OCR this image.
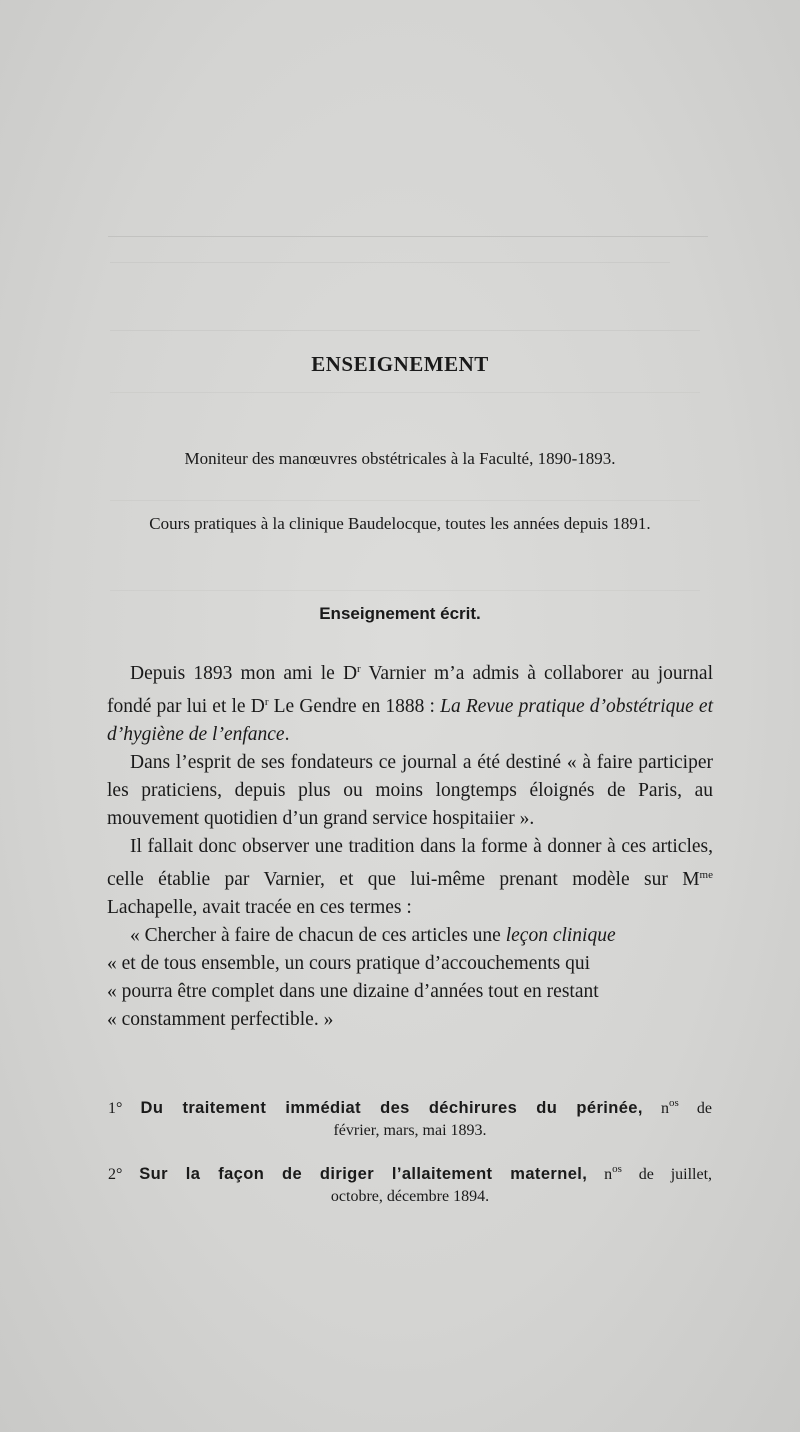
ENSEIGNEMENT
Moniteur des manœuvres obstétricales à la Faculté, 1890-1893.
Cours pratiques à la clinique Baudelocque, toutes les années depuis 1891.
Enseignement écrit.

Depuis 1893 mon ami le $D^r$ Varnier m’a admis à collaborer au journal fondé par lui et le $D^r$ Le Gendre en 1888 : La Revue pratique d’obstétrique et d’hygiène de l’enfance.

Dans l’esprit de ses fondateurs ce journal a été destiné « à faire participer les praticiens, depuis plus ou moins longtemps éloignés de Paris, au mouvement quotidien d’un grand service hospitaiier ».

Il fallait donc observer une tradition dans la forme à donner à ces articles, celle établie par Varnier, et que lui-même prenant modèle sur $M^{me}$ Lachapelle, avait tracée en ces termes :

« Chercher à faire de chacun de ces articles une leçon clinique

« et de tous ensemble, un cours pratique d’accouchements qui

« pourra être complet dans une dizaine d’années tout en restant

« constamment perfectible. »

1° Du traitement immédiat des déchirures du périnée, $n^{os}$ de
février, mars, mai 1893.
2° Sur la façon de diriger l’allaitement maternel, $n^{os}$ de juillet,
octobre, décembre 1894.
